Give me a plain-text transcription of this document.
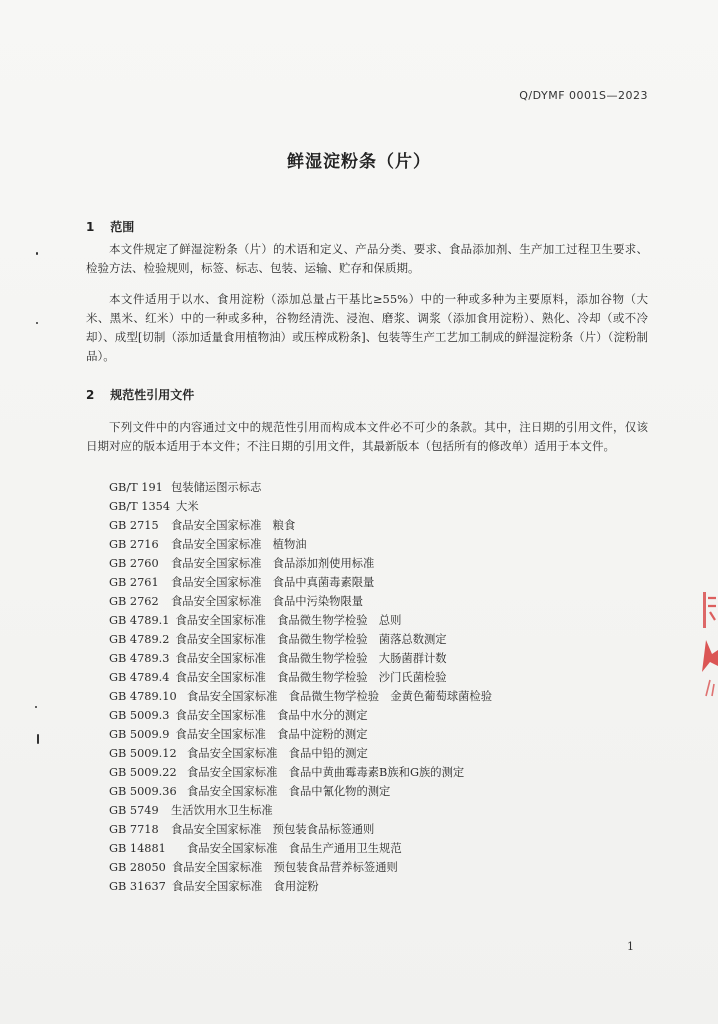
Q/DYMF 0001S—2023
鲜湿淀粉条（片）
1 范围

本文件规定了鲜湿淀粉条（片）的术语和定义、产品分类、要求、食品添加剂、生产加工过程卫生要求、检验方法、检验规则，标签、标志、包装、运输、贮存和保质期。

本文件适用于以水、食用淀粉（添加总量占干基比≥55%）中的一种或多种为主要原料，添加谷物（大米、黑米、红米）中的一种或多种，谷物经清洗、浸泡、磨浆、调浆（添加食用淀粉）、熟化、冷却（或不冷却）、成型[切制（添加适量食用植物油）或压榨成粉条]、包装等生产工艺加工制成的鲜湿淀粉条（片）（淀粉制品）。

2 规范性引用文件

下列文件中的内容通过文中的规范性引用而构成本文件必不可少的条款。其中，注日期的引用文件，仅该日期对应的版本适用于本文件；不注日期的引用文件，其最新版本（包括所有的修改单）适用于本文件。

GB/T 191 包装储运图示标志
GB/T 1354 大米
GB 2715 食品安全国家标准　粮食
GB 2716 食品安全国家标准　植物油
GB 2760 食品安全国家标准　食品添加剂使用标准
GB 2761 食品安全国家标准　食品中真菌毒素限量
GB 2762 食品安全国家标准　食品中污染物限量
GB 4789.1 食品安全国家标准　食品微生物学检验　总则
GB 4789.2 食品安全国家标准　食品微生物学检验　菌落总数测定
GB 4789.3 食品安全国家标准　食品微生物学检验　大肠菌群计数
GB 4789.4 食品安全国家标准　食品微生物学检验　沙门氏菌检验
GB 4789.10 食品安全国家标准　食品微生物学检验　金黄色葡萄球菌检验
GB 5009.3 食品安全国家标准　食品中水分的测定
GB 5009.9 食品安全国家标准　食品中淀粉的测定
GB 5009.12 食品安全国家标准　食品中铅的测定
GB 5009.22 食品安全国家标准　食品中黄曲霉毒素B族和G族的测定
GB 5009.36 食品安全国家标准　食品中氰化物的测定
GB 5749 生活饮用水卫生标准
GB 7718 食品安全国家标准　预包装食品标签通则
GB 14881 食品安全国家标准　食品生产通用卫生规范
GB 28050 食品安全国家标准　预包装食品营养标签通则
GB 31637 食品安全国家标准　食用淀粉
1
